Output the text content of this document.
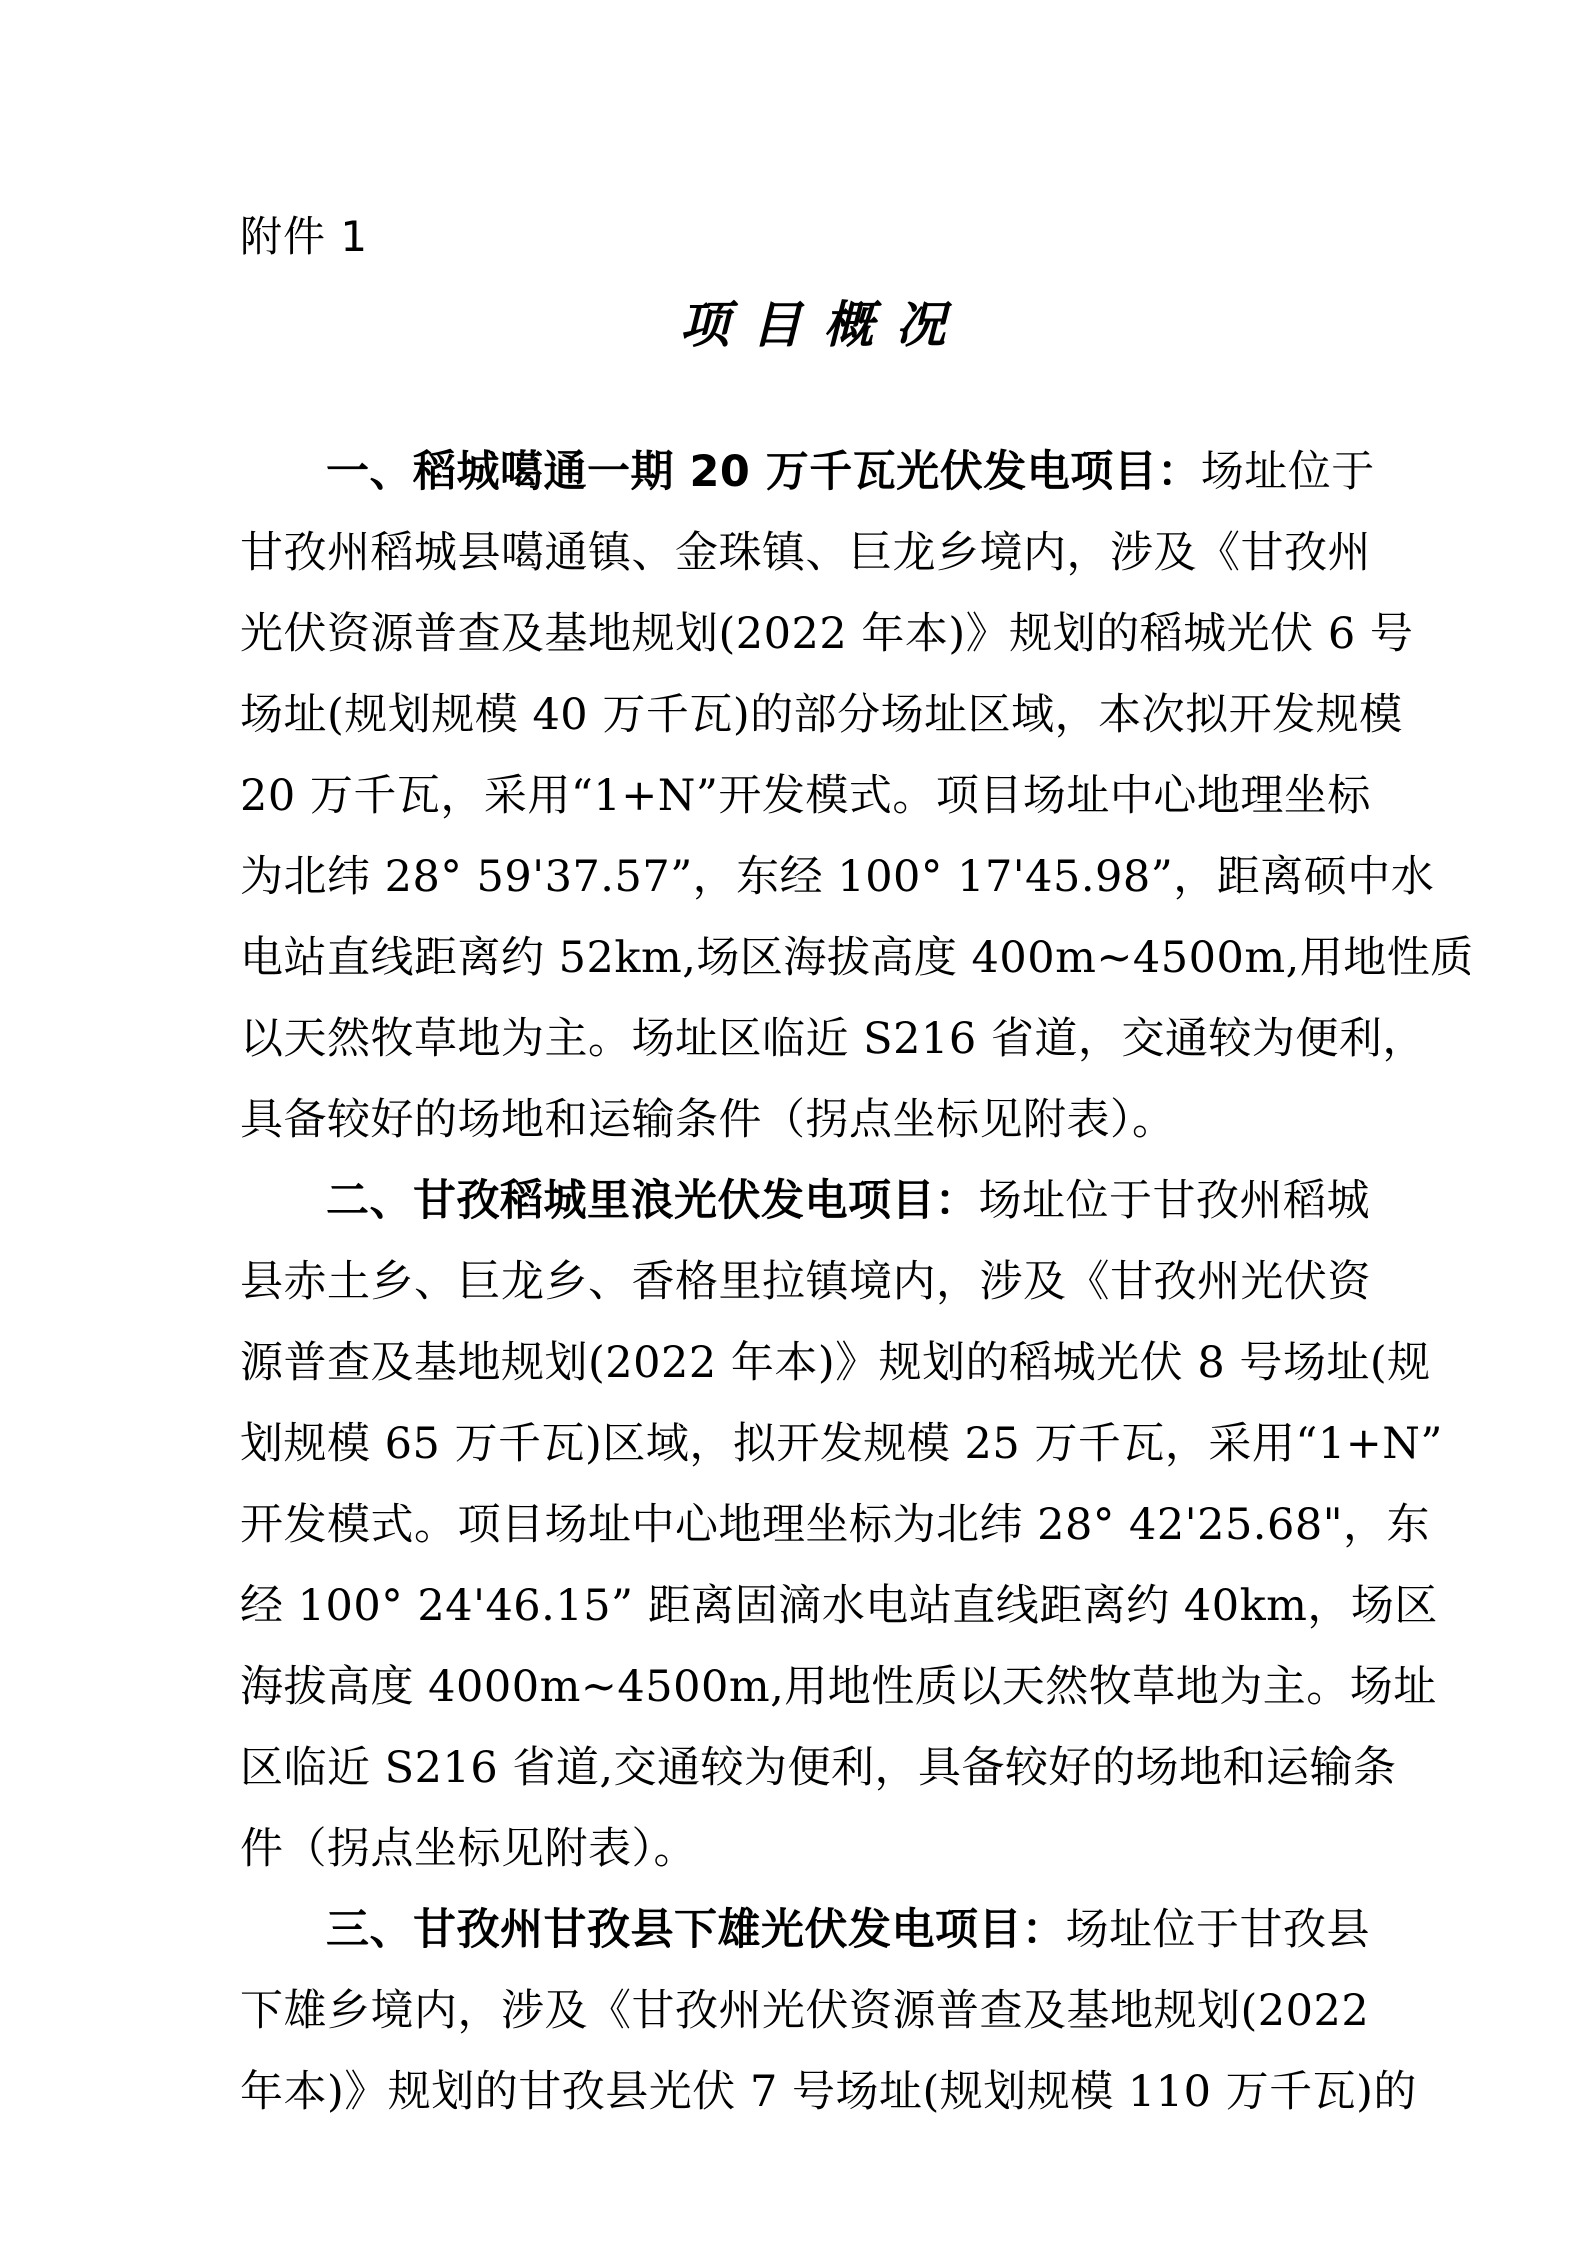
附件 1
项目概况
一、稻城噶通一期 20 万千瓦光伏发电项目：场址位于
甘孜州稻城县噶通镇、金珠镇、巨龙乡境内，涉及《甘孜州
光伏资源普查及基地规划(2022 年本)》规划的稻城光伏 6 号
场址(规划规模 40 万千瓦)的部分场址区域，本次拟开发规模
20 万千瓦，采用“1+N”开发模式。项目场址中心地理坐标
为北纬 28° 59'37.57”，东经 100° 17'45.98”，距离硕中水
电站直线距离约 52km,场区海拔高度 400m~4500m,用地性质
以天然牧草地为主。场址区临近 S216 省道，交通较为便利，
具备较好的场地和运输条件（拐点坐标见附表）。
二、甘孜稻城里浪光伏发电项目：场址位于甘孜州稻城
县赤土乡、巨龙乡、香格里拉镇境内，涉及《甘孜州光伏资
源普查及基地规划(2022 年本)》规划的稻城光伏 8 号场址(规
划规模 65 万千瓦)区域，拟开发规模 25 万千瓦，采用“1+N”
开发模式。项目场址中心地理坐标为北纬 28° 42'25.68"，东
经 100° 24'46.15” 距离固滴水电站直线距离约 40km，场区
海拔高度 4000m~4500m,用地性质以天然牧草地为主。场址
区临近 S216 省道,交通较为便利，具备较好的场地和运输条
件（拐点坐标见附表）。
三、甘孜州甘孜县下雄光伏发电项目：场址位于甘孜县
下雄乡境内，涉及《甘孜州光伏资源普查及基地规划(2022
年本)》规划的甘孜县光伏 7 号场址(规划规模 110 万千瓦)的
